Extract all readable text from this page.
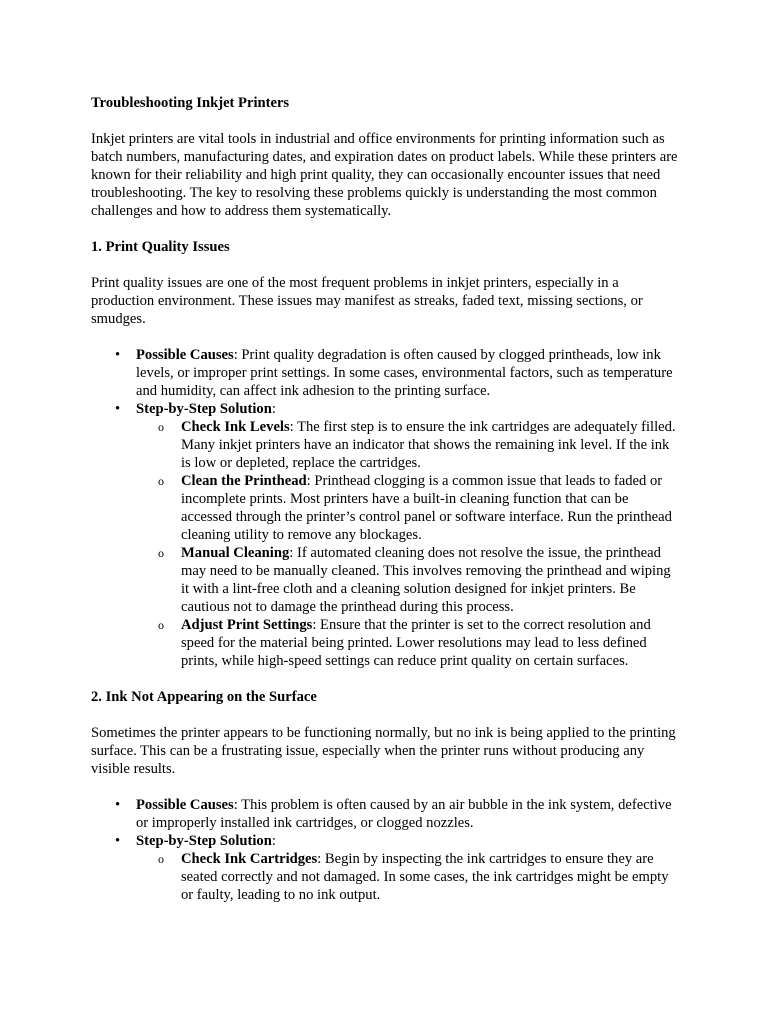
Troubleshooting Inkjet Printers

Inkjet printers are vital tools in industrial and office environments for printing information such as batch numbers, manufacturing dates, and expiration dates on product labels. While these printers are known for their reliability and high print quality, they can occasionally encounter issues that need troubleshooting. The key to resolving these problems quickly is understanding the most common challenges and how to address them systematically.

1. Print Quality Issues

Print quality issues are one of the most frequent problems in inkjet printers, especially in a production environment. These issues may manifest as streaks, faded text, missing sections, or smudges.

• Possible Causes: Print quality degradation is often caused by clogged printheads, low ink levels, or improper print settings. In some cases, environmental factors, such as temperature and humidity, can affect ink adhesion to the printing surface.
• Step-by-Step Solution:
o Check Ink Levels: The first step is to ensure the ink cartridges are adequately filled. Many inkjet printers have an indicator that shows the remaining ink level. If the ink is low or depleted, replace the cartridges.
o Clean the Printhead: Printhead clogging is a common issue that leads to faded or incomplete prints. Most printers have a built-in cleaning function that can be accessed through the printer’s control panel or software interface. Run the printhead cleaning utility to remove any blockages.
o Manual Cleaning: If automated cleaning does not resolve the issue, the printhead may need to be manually cleaned. This involves removing the printhead and wiping it with a lint-free cloth and a cleaning solution designed for inkjet printers. Be cautious not to damage the printhead during this process.
o Adjust Print Settings: Ensure that the printer is set to the correct resolution and speed for the material being printed. Lower resolutions may lead to less defined prints, while high-speed settings can reduce print quality on certain surfaces.

2. Ink Not Appearing on the Surface

Sometimes the printer appears to be functioning normally, but no ink is being applied to the printing surface. This can be a frustrating issue, especially when the printer runs without producing any visible results.

• Possible Causes: This problem is often caused by an air bubble in the ink system, defective or improperly installed ink cartridges, or clogged nozzles.
• Step-by-Step Solution:
o Check Ink Cartridges: Begin by inspecting the ink cartridges to ensure they are seated correctly and not damaged. In some cases, the ink cartridges might be empty or faulty, leading to no ink output.
